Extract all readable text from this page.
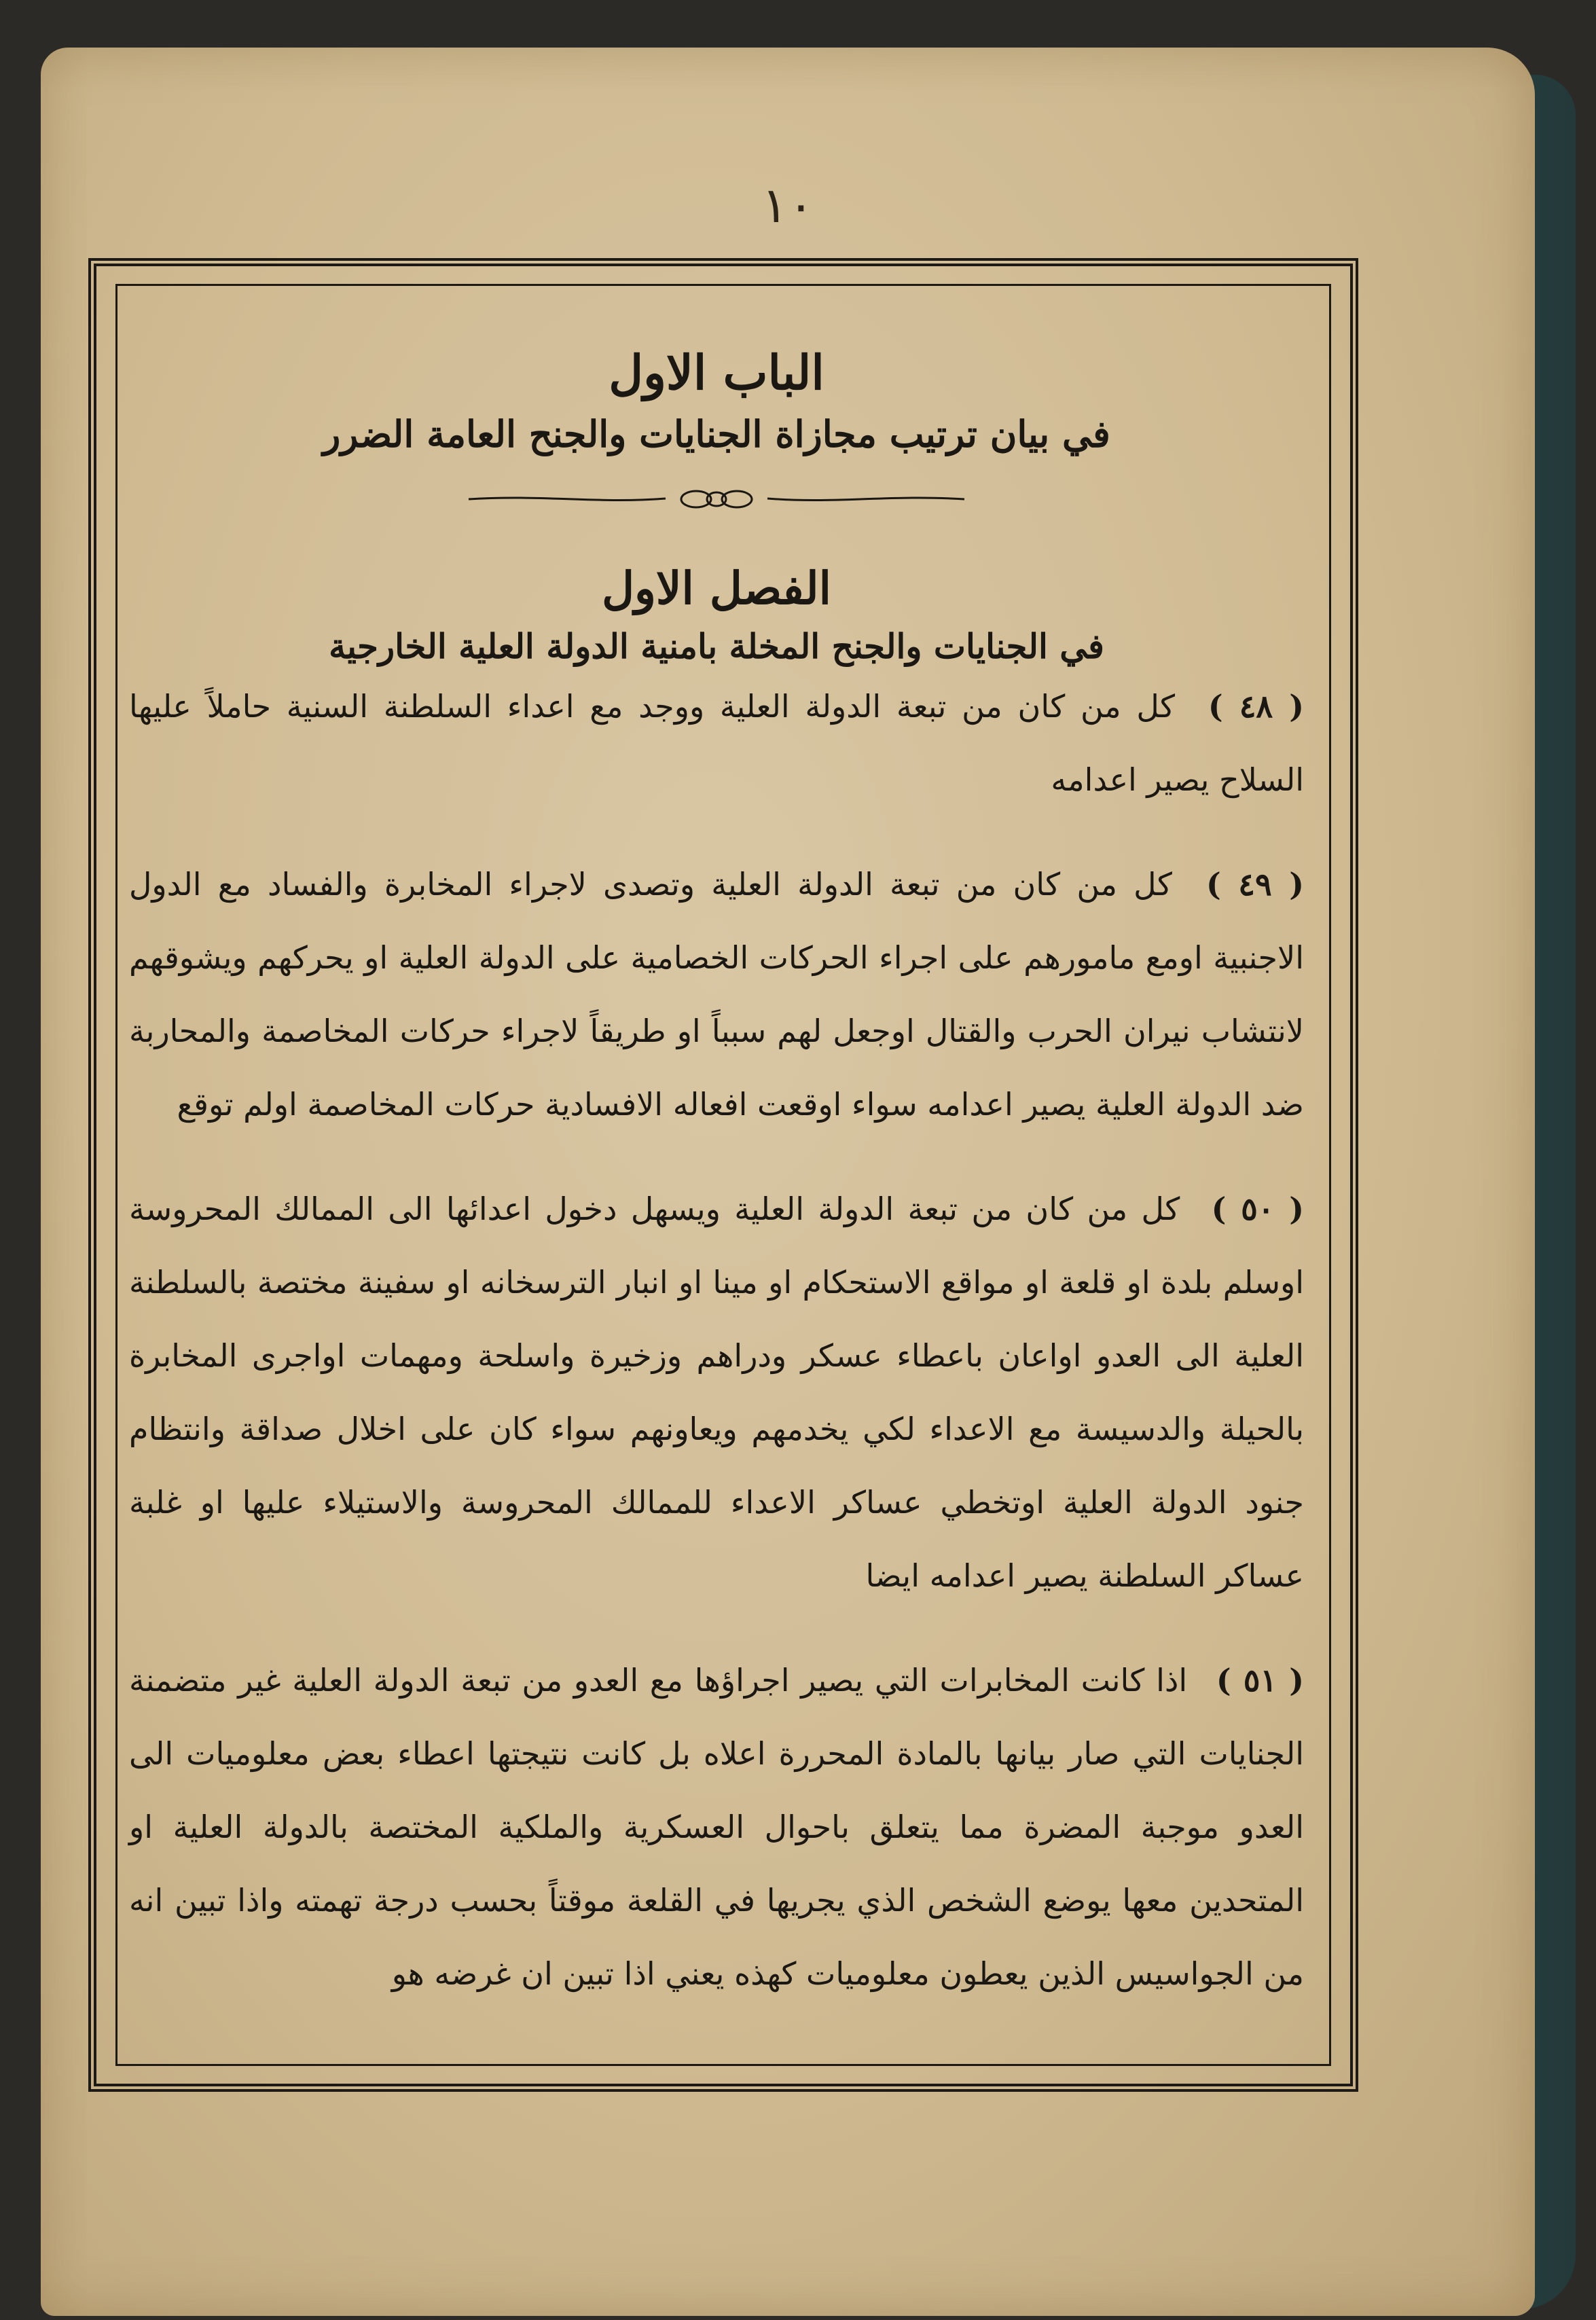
١٠
الباب الاول
في بيان ترتيب مجازاة الجنايات والجنح العامة الضرر
الفصل الاول
في الجنايات والجنح المخلة بامنية الدولة العلية الخارجية

( ٤٨ ) كل من كان من تبعة الدولة العلية ووجد مع اعداء السلطنة السنية حاملاً عليها السلاح يصير اعدامه

( ٤٩ ) كل من كان من تبعة الدولة العلية وتصدى لاجراء المخابرة والفساد مع الدول الاجنبية اومع مامورهم على اجراء الحركات الخصامية على الدولة العلية او يحركهم ويشوقهم لانتشاب نيران الحرب والقتال اوجعل لهم سبباً او طريقاً لاجراء حركات المخاصمة والمحاربة ضد الدولة العلية يصير اعدامه سواء اوقعت افعاله الافسادية حركات المخاصمة اولم توقع

( ٥٠ ) كل من كان من تبعة الدولة العلية ويسهل دخول اعدائها الى الممالك المحروسة اوسلم بلدة او قلعة او مواقع الاستحكام او مينا او انبار الترسخانه او سفينة مختصة بالسلطنة العلية الى العدو اواعان باعطاء عسكر ودراهم وزخيرة واسلحة ومهمات اواجرى المخابرة بالحيلة والدسيسة مع الاعداء لكي يخدمهم ويعاونهم سواء كان على اخلال صداقة وانتظام جنود الدولة العلية اوتخطي عساكر الاعداء للممالك المحروسة والاستيلاء عليها او غلبة عساكر السلطنة يصير اعدامه ايضا

( ٥١ ) اذا كانت المخابرات التي يصير اجراؤها مع العدو من تبعة الدولة العلية غير متضمنة الجنايات التي صار بيانها بالمادة المحررة اعلاه بل كانت نتيجتها اعطاء بعض معلوميات الى العدو موجبة المضرة مما يتعلق باحوال العسكرية والملكية المختصة بالدولة العلية او المتحدين معها يوضع الشخص الذي يجريها في القلعة موقتاً بحسب درجة تهمته واذا تبين انه من الجواسيس الذين يعطون معلوميات كهذه يعني اذا تبين ان غرضه هو
